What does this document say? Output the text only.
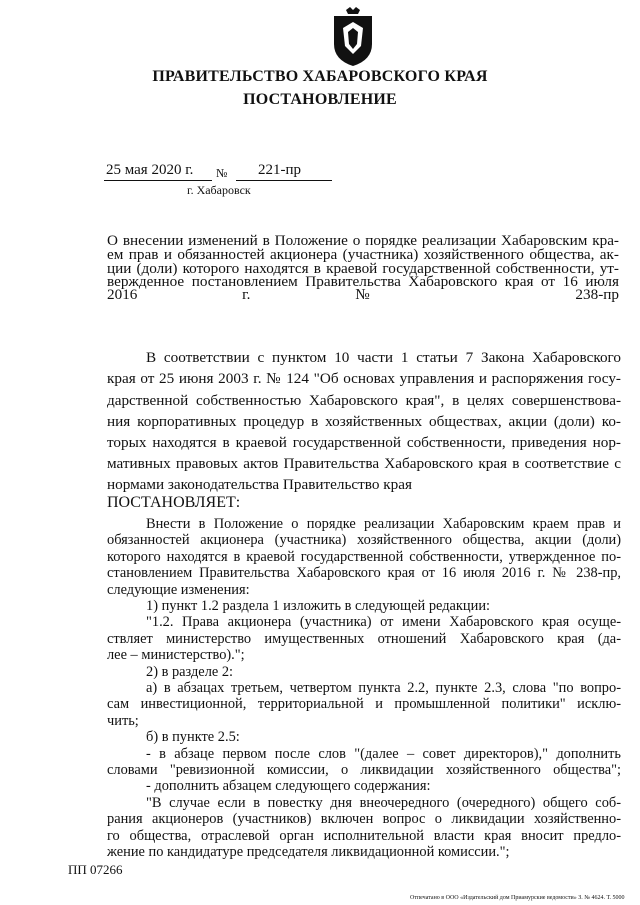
ПРАВИТЕЛЬСТВО ХАБАРОВСКОГО КРАЯ
ПОСТАНОВЛЕНИЕ
25 мая 2020 г. № 221-пр
г. Хабаровск
О внесении изменений в Положение о порядке реализации Хабаровским кра-
ем прав и обязанностей акционера (участника) хозяйственного общества, ак-
ции (доли) которого находятся в краевой государственной собственности, ут-
вержденное постановлением Правительства Хабаровского края от 16 июля
2016 г. № 238-пр
В соответствии с пунктом 10 части 1 статьи 7 Закона Хабаровского
края от 25 июня 2003 г. № 124 "Об основах управления и распоряжения госу-
дарственной собственностью Хабаровского края", в целях совершенствова-
ния корпоративных процедур в хозяйственных обществах, акции (доли) ко-
торых находятся в краевой государственной собственности, приведения нор-
мативных правовых актов Правительства Хабаровского края в соответствие с
нормами законодательства Правительство края
ПОСТАНОВЛЯЕТ:
Внести в Положение о порядке реализации Хабаровским краем прав и
обязанностей акционера (участника) хозяйственного общества, акции (доли)
которого находятся в краевой государственной собственности, утвержденное по-
становлением Правительства Хабаровского края от 16 июля 2016 г. № 238-пр,
следующие изменения:
1) пункт 1.2 раздела 1 изложить в следующей редакции:
"1.2. Права акционера (участника) от имени Хабаровского края осуще-
ствляет министерство имущественных отношений Хабаровского края (да-
лее – министерство).";
2) в разделе 2:
а) в абзацах третьем, четвертом пункта 2.2, пункте 2.3, слова "по вопро-
сам инвестиционной, территориальной и промышленной политики" исклю-
чить;
б) в пункте 2.5:
- в абзаце первом после слов "(далее – совет директоров)," дополнить
словами "ревизионной комиссии, о ликвидации хозяйственного общества";
- дополнить абзацем следующего содержания:
"В случае если в повестку дня внеочередного (очередного) общего соб-
рания акционеров (участников) включен вопрос о ликвидации хозяйственно-
го общества, отраслевой орган исполнительной власти края вносит предло-
жение по кандидатуре председателя ликвидационной комиссии.";
ПП 07266
Отпечатано в ООО «Издательский дом Приамурские ведомости» З. № 4624. Т. 5000
